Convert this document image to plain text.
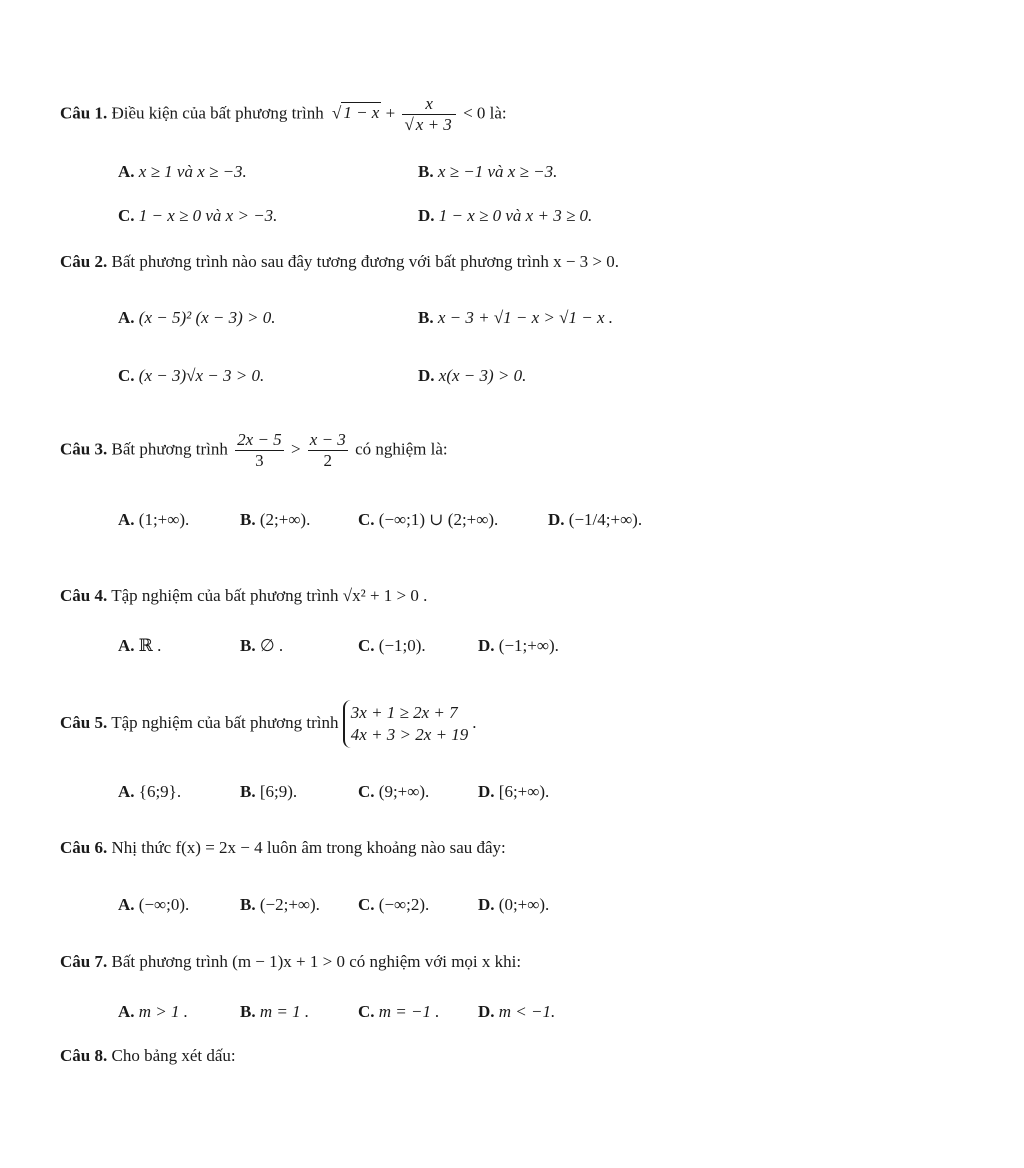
Câu 1. Điều kiện của bất phương trình √ $1 - x + \frac{x}{√ x + 3} < 0$ là:
A. x ≥ 1 và x ≥ −3.	B. x ≥ −1 và x ≥ −3.
C. 1 − x ≥ 0 và x > −3.	D. 1 − x ≥ 0 và x + 3 ≥ 0.
Câu 2. Bất phương trình nào sau đây tương đương với bất phương trình x − 3 > 0.
A. (x − 5)² (x − 3) > 0.	B. x − 3 + √1 − x > √1 − x .
C. (x − 3)√x − 3 > 0.	D. x(x − 3) > 0.
Câu 3. Bất phương trình $\frac{2x - 5}{3} > \frac{x - 3}{2}$ có nghiệm là:
A. (1;+∞).	B. (2;+∞).	C. (−∞;1) ∪ (2;+∞).	D. (−1/4;+∞).
Câu 4. Tập nghiệm của bất phương trình √x² + 1 > 0 .
A. ℝ .	B. ∅ .	C. (−1;0).	D. (−1;+∞).
Câu 5. Tập nghiệm của bất phương trình
3x + 1 ≥ 2x + 7
4x + 3 > 2x + 19
.
A. {6;9}.	B. [6;9).	C. (9;+∞).	D. [6;+∞).
Câu 6. Nhị thức f(x) = 2x − 4 luôn âm trong khoảng nào sau đây:
A. (−∞;0).	B. (−2;+∞). C. (−∞;2).	D. (0;+∞).
Câu 7. Bất phương trình (m − 1)x + 1 > 0 có nghiệm với mọi x khi:
A. m > 1 .	B. m = 1 .	C. m = −1 . D. m < −1.
Câu 8. Cho bảng xét dấu:
